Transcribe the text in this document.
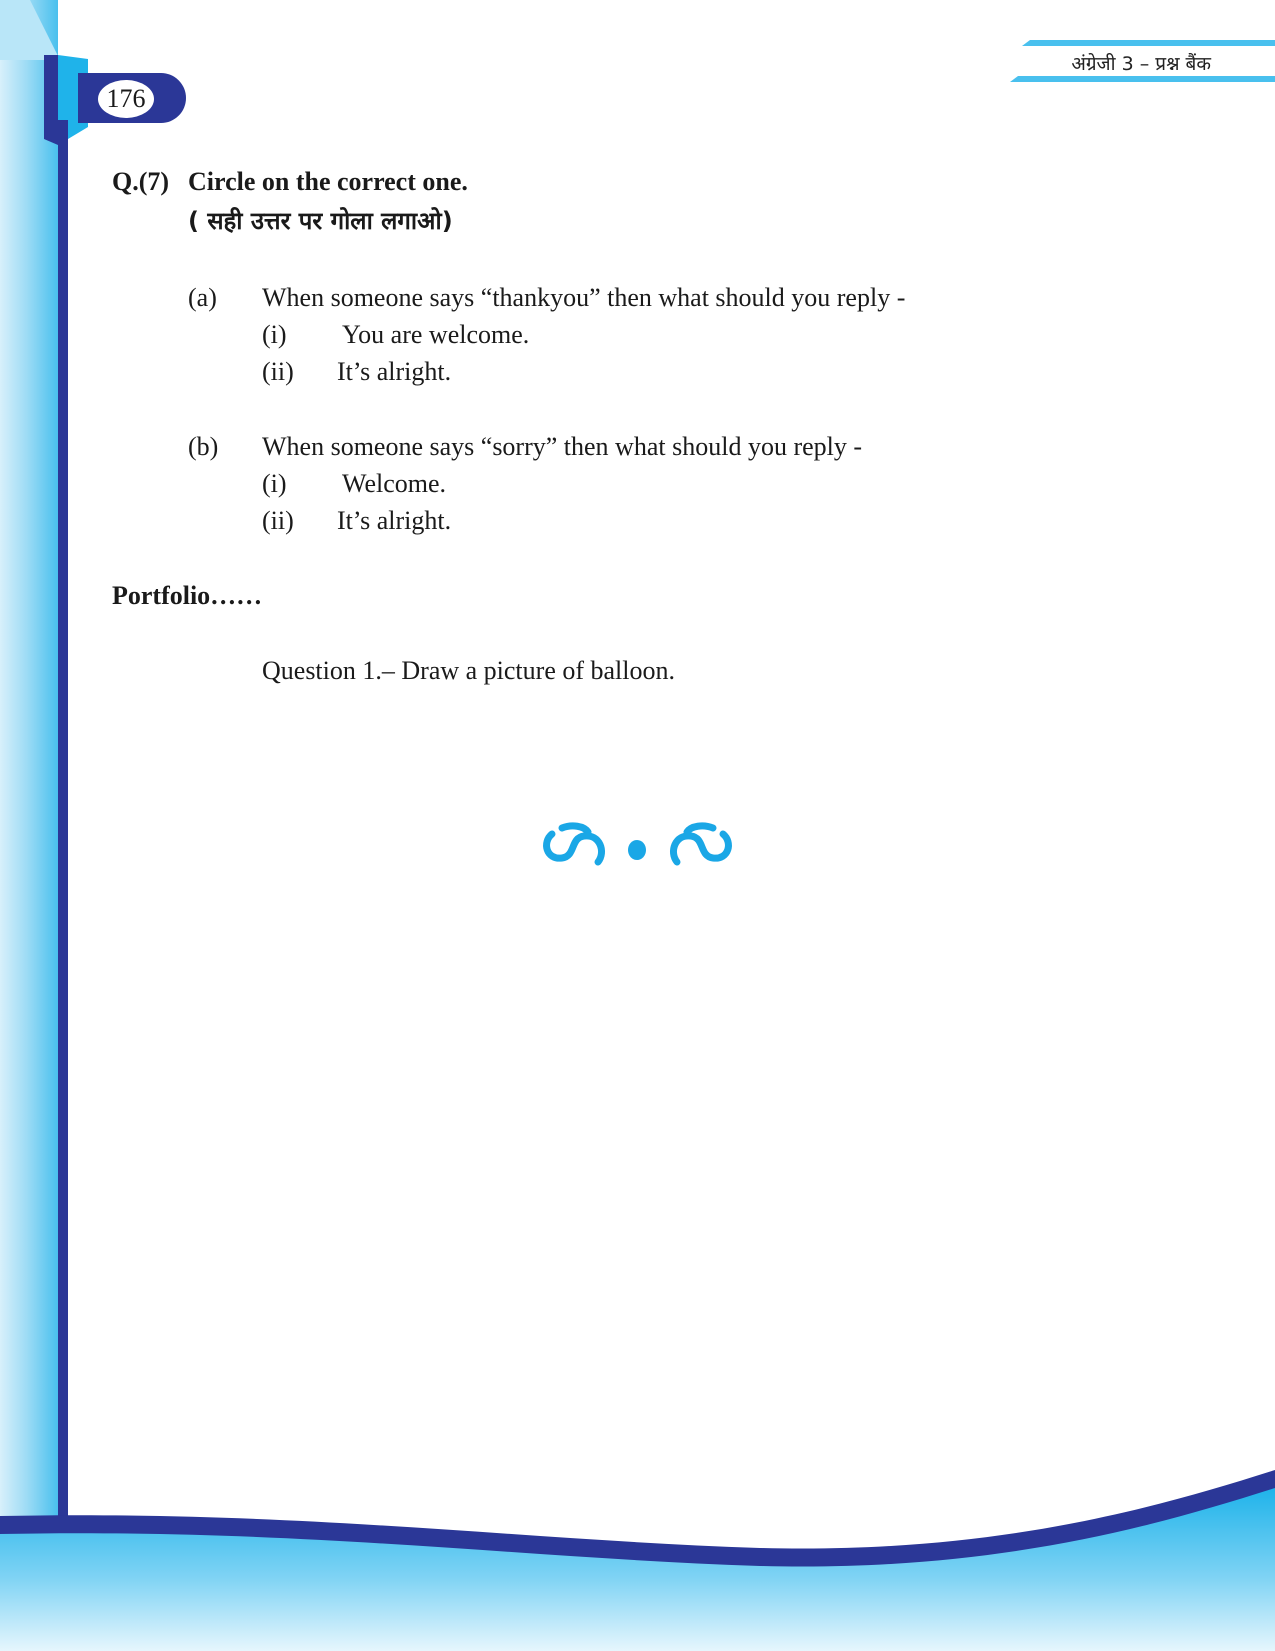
176
अंग्रेजी 3 – प्रश्न बैंक
Q.(7) Circle on the correct one.
( सही उत्तर पर गोला लगाओ)
(a) When someone says “thankyou” then what should you reply -
(i) You are welcome.
(ii) It’s alright.
(b) When someone says “sorry” then what should you reply -
(i) Welcome.
(ii) It’s alright.
Portfolio……
Question 1.– Draw a picture of balloon.
